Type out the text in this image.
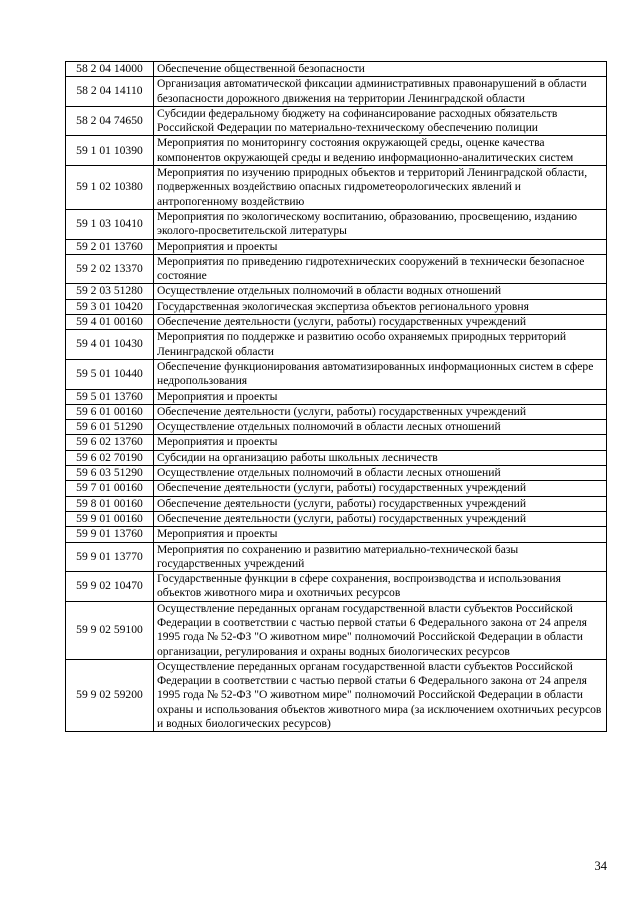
58 2 04 14000	Обеспечение общественной безопасности
58 2 04 14110	Организация автоматической фиксации административных правонарушений в области безопасности дорожного движения на территории Ленинградской области
58 2 04 74650	Субсидии федеральному бюджету на софинансирование расходных обязательств Российской Федерации по материально-техническому обеспечению полиции
59 1 01 10390	Мероприятия по мониторингу состояния окружающей среды, оценке качества компонентов окружающей среды и ведению информационно-аналитических систем
59 1 02 10380	Мероприятия по изучению природных объектов и территорий Ленинградской области, подверженных воздействию опасных гидрометеорологических явлений и антропогенному воздействию
59 1 03 10410	Мероприятия по экологическому воспитанию, образованию, просвещению, изданию эколого-просветительской литературы
59 2 01 13760	Мероприятия и проекты
59 2 02 13370	Мероприятия по приведению гидротехнических сооружений в технически безопасное состояние
59 2 03 51280	Осуществление отдельных полномочий в области водных отношений
59 3 01 10420	Государственная экологическая экспертиза объектов регионального уровня
59 4 01 00160	Обеспечение деятельности (услуги, работы) государственных учреждений
59 4 01 10430	Мероприятия по поддержке и развитию особо охраняемых природных территорий Ленинградской области
59 5 01 10440	Обеспечение функционирования автоматизированных информационных систем в сфере недропользования
59 5 01 13760	Мероприятия и проекты
59 6 01 00160	Обеспечение деятельности (услуги, работы) государственных учреждений
59 6 01 51290	Осуществление отдельных полномочий в области лесных отношений
59 6 02 13760	Мероприятия и проекты
59 6 02 70190	Субсидии на организацию работы школьных лесничеств
59 6 03 51290	Осуществление отдельных полномочий в области лесных отношений
59 7 01 00160	Обеспечение деятельности (услуги, работы) государственных учреждений
59 8 01 00160	Обеспечение деятельности (услуги, работы) государственных учреждений
59 9 01 00160	Обеспечение деятельности (услуги, работы) государственных учреждений
59 9 01 13760	Мероприятия и проекты
59 9 01 13770	Мероприятия по сохранению и развитию материально-технической базы государственных учреждений
59 9 02 10470	Государственные функции в сфере сохранения, воспроизводства и использования объектов животного мира и охотничьих ресурсов
59 9 02 59100	Осуществление переданных органам государственной власти субъектов Российской Федерации в соответствии с частью первой статьи 6 Федерального закона от 24 апреля 1995 года № 52-ФЗ "О животном мире" полномочий Российской Федерации в области организации, регулирования и охраны водных биологических ресурсов
59 9 02 59200	Осуществление переданных органам государственной власти субъектов Российской Федерации в соответствии с частью первой статьи 6 Федерального закона от 24 апреля 1995 года № 52-ФЗ "О животном мире" полномочий Российской Федерации в области охраны и использования объектов животного мира (за исключением охотничьих ресурсов и водных биологических ресурсов)
34
